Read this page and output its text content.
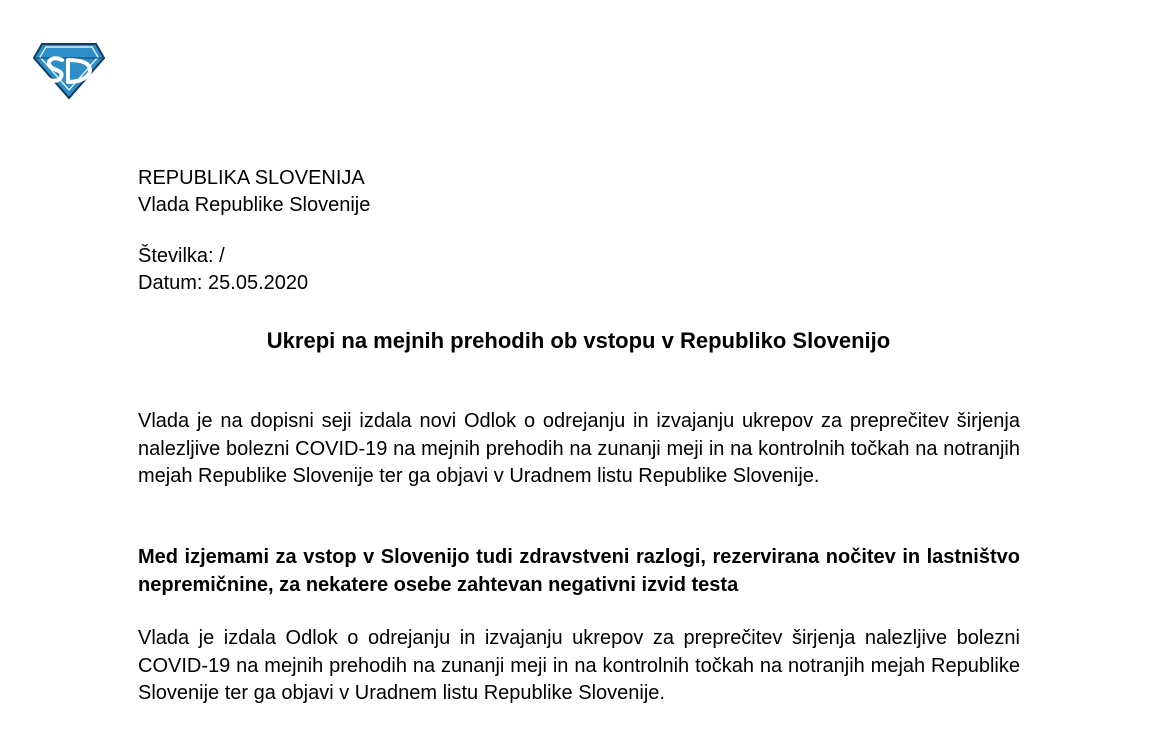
REPUBLIKA SLOVENIJA
Vlada Republike Slovenije
Številka: /
Datum: 25.05.2020
Ukrepi na mejnih prehodih ob vstopu v Republiko Slovenijo
Vlada je na dopisni seji izdala novi Odlok o odrejanju in izvajanju ukrepov za preprečitev širjenja nalezljive bolezni COVID-19 na mejnih prehodih na zunanji meji in na kontrolnih točkah na notranjih mejah Republike Slovenije ter ga objavi v Uradnem listu Republike Slovenije.
Med izjemami za vstop v Slovenijo tudi zdravstveni razlogi, rezervirana nočitev in lastništvo nepremičnine, za nekatere osebe zahtevan negativni izvid testa
Vlada je izdala Odlok o odrejanju in izvajanju ukrepov za preprečitev širjenja nalezljive bolezni COVID-19 na mejnih prehodih na zunanji meji in na kontrolnih točkah na notranjih mejah Republike Slovenije ter ga objavi v Uradnem listu Republike Slovenije.
